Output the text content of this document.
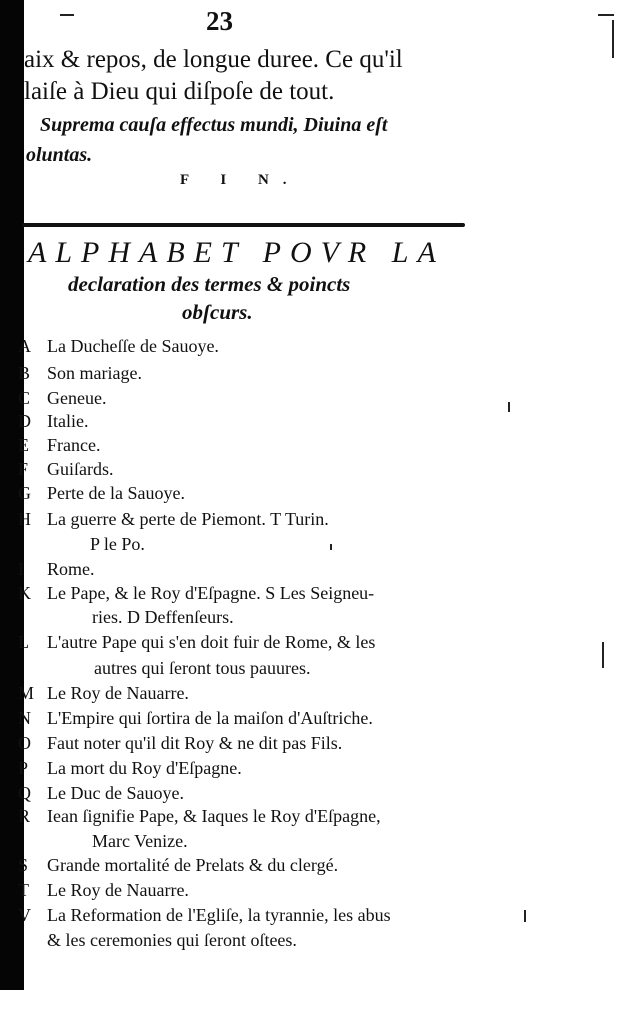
23
aix & repos, de longue duree. Ce qu'il
laiſe à Dieu qui diſpoſe de tout.
Suprema cauſa effectus mundi, Diuina eſt
oluntas.
F I N.
ALPHABET POVR LA
declaration des termes & poincts
obſcurs.
A La Ducheſſe de Sauoye.
B Son mariage.
C Geneue.
D Italie.
E	France.
F	Guiſards.
G Perte de la Sauoye.
H La guerre & perte de Piemont. T Turin.
P le Po.
I	Rome.
K Le Pape, & le Roy d'Eſpagne. S Les Seigneu-
ries. D Deffenſeurs.
L	L'autre Pape qui s'en doit fuir de Rome, & les
autres qui ſeront tous pauures.
M Le Roy de Nauarre.
N L'Empire qui ſortira de la maiſon d'Auſtriche.
O Faut noter qu'il dit Roy & ne dit pas Fils.
P	La mort du Roy d'Eſpagne.
Q Le Duc de Sauoye.
R Iean ſignifie Pape, & Iaques le Roy d'Eſpagne,
Marc Venize.
S	Grande mortalité de Prelats & du clergé.
T	Le Roy de Nauarre.
V La Reformation de l'Egliſe, la tyrannie, les abus
& les ceremonies qui ſeront oſtees.
